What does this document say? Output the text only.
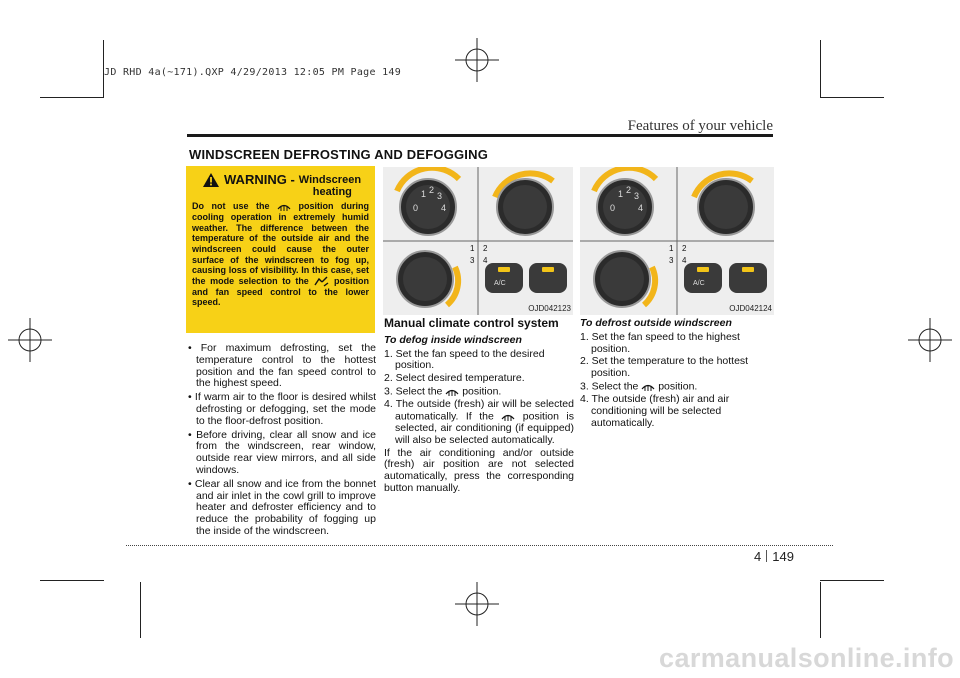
JD RHD 4a(~171).QXP 4/29/2013 12:05 PM Page 149
Features of your vehicle
WINDSCREEN DEFROSTING AND DEFOGGING
WARNING - Windscreen
heating
Do not use the	position during cooling operation in extremely humid weather. The difference between the temperature of the outside air and the windscreen could cause the outer surface of the windscreen to fog up, causing loss of visibility. In this case, set the mode selection to the	position and fan speed control to the lower speed.
• For maximum defrosting, set the temperature control to the hottest position and the fan speed control to the highest speed.
• If warm air to the floor is desired whilst defrosting or defogging, set the mode to the floor-defrost position.
• Before driving, clear all snow and ice from the windscreen, rear window, outside rear view mirrors, and all side windows.
• Clear all snow and ice from the bonnet and air inlet in the cowl grill to improve heater and defroster efficiency and to reduce the probability of fogging up the inside of the windscreen.
0
1 2
3
4
A/C
1 2
3 4
OJD042123
0
1 2
3
4
A/C
1 2
3 4
OJD042124
Manual climate control system
To defog inside windscreen
1. Set the fan speed to the desired position.
2. Select desired temperature.
3. Select the position.
4. The outside (fresh) air will be selected automatically. If the	position is selected, air conditioning (if equipped) will also be selected automatically.
If the air conditioning and/or outside (fresh) air position are not selected automatically, press the corresponding button manually.
To defrost outside windscreen
1. Set the fan speed to the highest position.
2. Set the temperature to the hottest position.
3. Select the position.
4. The outside (fresh) air and air conditioning will be selected automatically.
4 149
carmanualsonline.info
